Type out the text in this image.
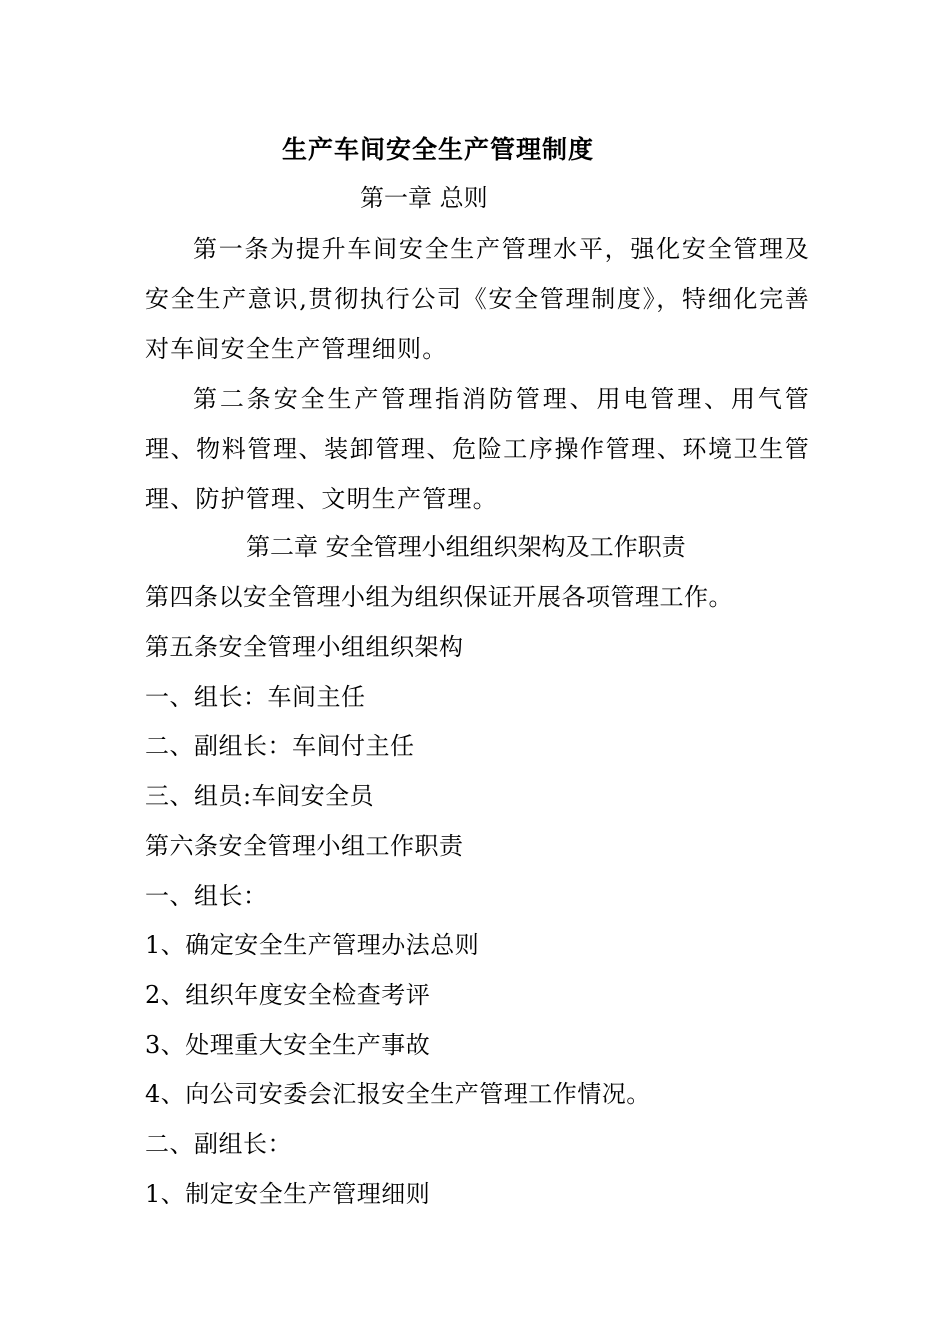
生产车间安全生产管理制度
第一章 总则
第一条为提升车间安全生产管理水平，强化安全管理及安全生产意识,贯彻执行公司《安全管理制度》，特细化完善对车间安全生产管理细则。
第二条安全生产管理指消防管理、用电管理、用气管理、物料管理、装卸管理、危险工序操作管理、环境卫生管理、防护管理、文明生产管理。
第二章 安全管理小组组织架构及工作职责
第四条以安全管理小组为组织保证开展各项管理工作。
第五条安全管理小组组织架构
一、组长：车间主任
二、副组长：车间付主任
三、组员:车间安全员
第六条安全管理小组工作职责
一、组长：
1、确定安全生产管理办法总则
2、组织年度安全检查考评
3、处理重大安全生产事故
4、向公司安委会汇报安全生产管理工作情况。
二、副组长：
1、制定安全生产管理细则
